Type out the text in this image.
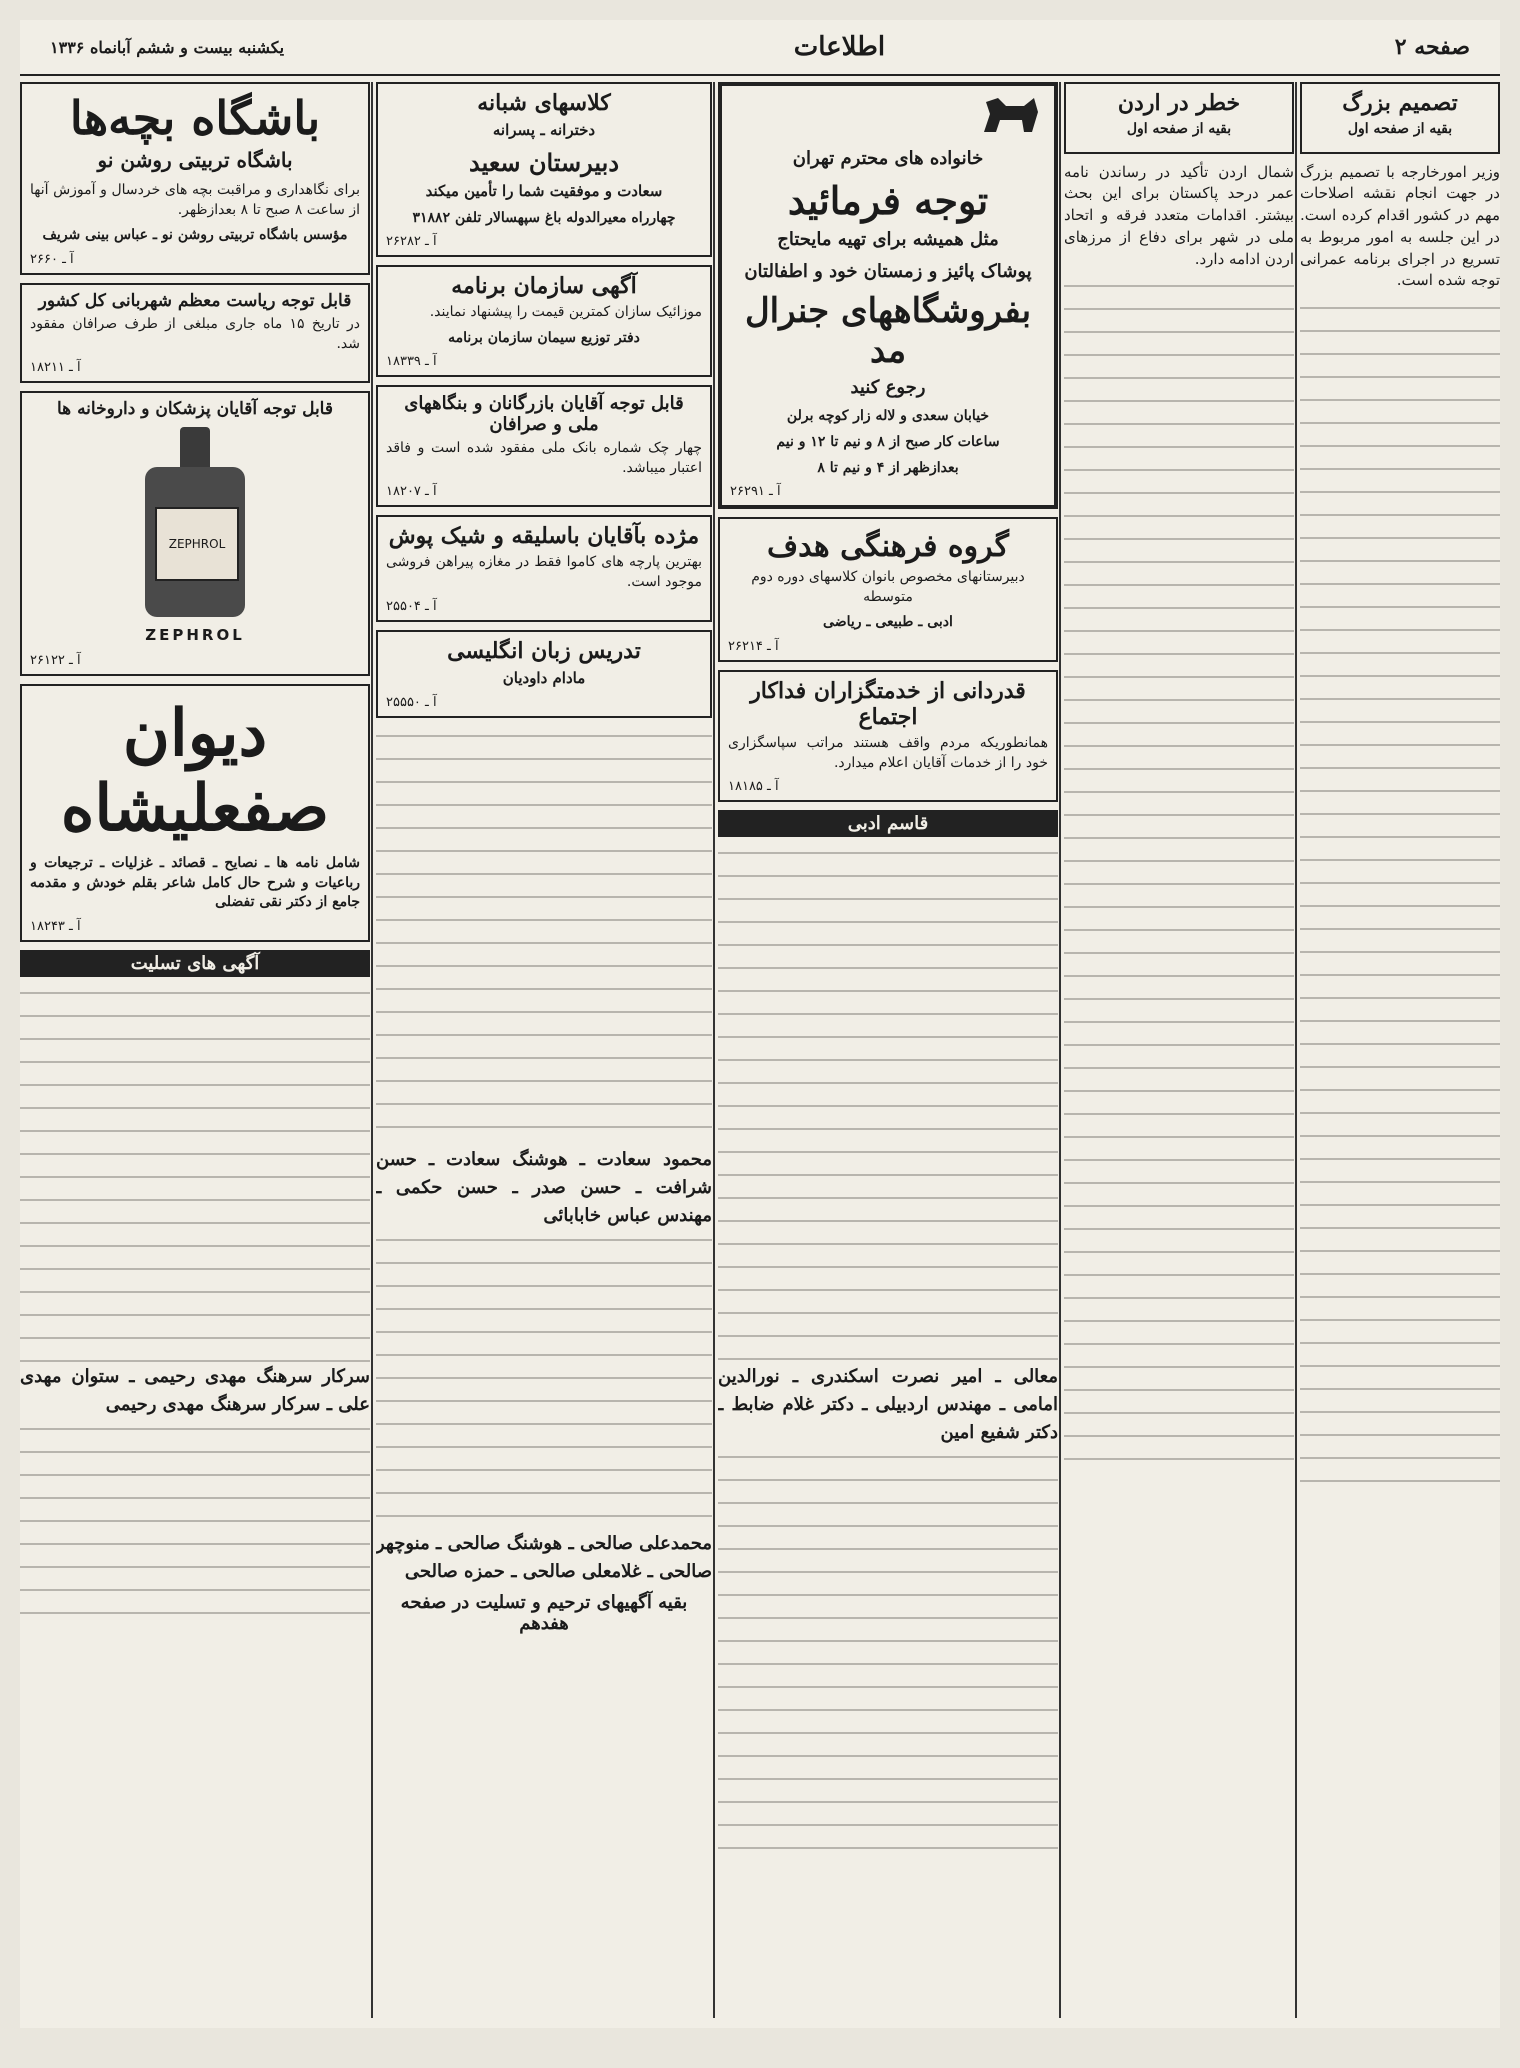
صفحه ۲
اطلاعات
یکشنبه بیست و ششم آبانماه ۱۳۳۶
تصمیم بزرگ

بقیه از صفحه اول

وزیر امورخارجه با تصمیم بزرگ در جهت انجام نقشه اصلاحات مهم در کشور اقدام کرده است. در این جلسه به امور مربوط به تسریع در اجرای برنامه عمرانی توجه شده است.

خطر در اردن

بقیه از صفحه اول

شمال اردن تأکید در رساندن نامه عمر درحد پاکستان برای این بحث بیشتر. اقدامات متعدد فرقه و اتحاد ملی در شهر برای دفاع از مرزهای اردن ادامه دارد.

خانواده های محترم تهران

توجه فرمائید

مثل همیشه برای تهیه مایحتاج

پوشاک پائیز و زمستان خود و اطفالتان

بفروشگاههای جنرال مد

رجوع کنید

خیابان سعدی و لاله زار کوچه برلن

ساعات کار صبح از ۸ و نیم تا ۱۲ و نیم

بعدازظهر از ۴ و نیم تا ۸

آ ـ ۲۶۲۹۱
گروه فرهنگی هدف

دبیرستانهای مخصوص بانوان کلاسهای دوره دوم متوسطه

ادبی ـ طبیعی ـ ریاضی

آ ـ ۲۶۲۱۴
قدردانی از خدمتگزاران فداکار اجتماع

همانطوریکه مردم واقف هستند مراتب سپاسگزاری خود را از خدمات آقایان اعلام میدارد.

آ ـ ۱۸۱۸۵
قاسم ادبی
معالی ـ امیر نصرت اسکندری ـ نورالدین امامی ـ مهندس اردبیلی ـ دکتر غلام ضابط ـ دکتر شفیع امین
کلاسهای شبانه

دخترانه ـ پسرانه

دبیرستان سعید

سعادت و موفقیت شما را تأمین میکند

چهارراه معیرالدوله باغ سپهسالار تلفن ۳۱۸۸۲

آ ـ ۲۶۲۸۲
آگهی سازمان برنامه

موزائیک سازان کمترین قیمت را پیشنهاد نمایند.

دفتر توزیع سیمان سازمان برنامه

آ ـ ۱۸۳۳۹
قابل توجه آقایان بازرگانان و بنگاههای ملی و صرافان

چهار چک شماره بانک ملی مفقود شده است و فاقد اعتبار میباشد.

آ ـ ۱۸۲۰۷
مژده بآقایان باسلیقه و شیک پوش

بهترین پارچه های کاموا فقط در مغازه پیراهن فروشی موجود است.

آ ـ ۲۵۵۰۴
تدریس زبان انگلیسی

مادام داودیان

آ ـ ۲۵۵۵۰
محمود سعادت ـ هوشنگ سعادت ـ حسن شرافت ـ حسن صدر ـ حسن حکمی ـ مهندس عباس خابابائی
محمدعلی صالحی ـ هوشنگ صالحی ـ منوچهر صالحی ـ غلامعلی صالحی ـ حمزه صالحی
بقیه آگهیهای ترحیم و تسلیت در صفحه هفدهم
باشگاه بچه‌ها

باشگاه تربیتی روشن نو

برای نگاهداری و مراقبت بچه های خردسال و آموزش آنها از ساعت ۸ صبح تا ۸ بعدازظهر.

مؤسس باشگاه تربیتی روشن نو ـ عباس بینی شریف

آ ـ ۲۶۶۰
قابل توجه ریاست معظم شهربانی کل کشور

در تاریخ ۱۵ ماه جاری مبلغی از طرف صرافان مفقود شد.

آ ـ ۱۸۲۱۱
قابل توجه آقایان پزشکان و داروخانه ها
ZEPHROL

ZEPHROL

آ ـ ۲۶۱۲۲
دیوان صفعلیشاه

شامل نامه ها ـ نصایح ـ قصائد ـ غزلیات ـ ترجیعات و رباعیات و شرح حال کامل شاعر بقلم خودش و مقدمه جامع از دکتر نقی تفضلی

آ ـ ۱۸۲۴۳
آگهی های تسلیت
سرکار سرهنگ مهدی رحیمی ـ ستوان مهدی علی ـ سرکار سرهنگ مهدی رحیمی
